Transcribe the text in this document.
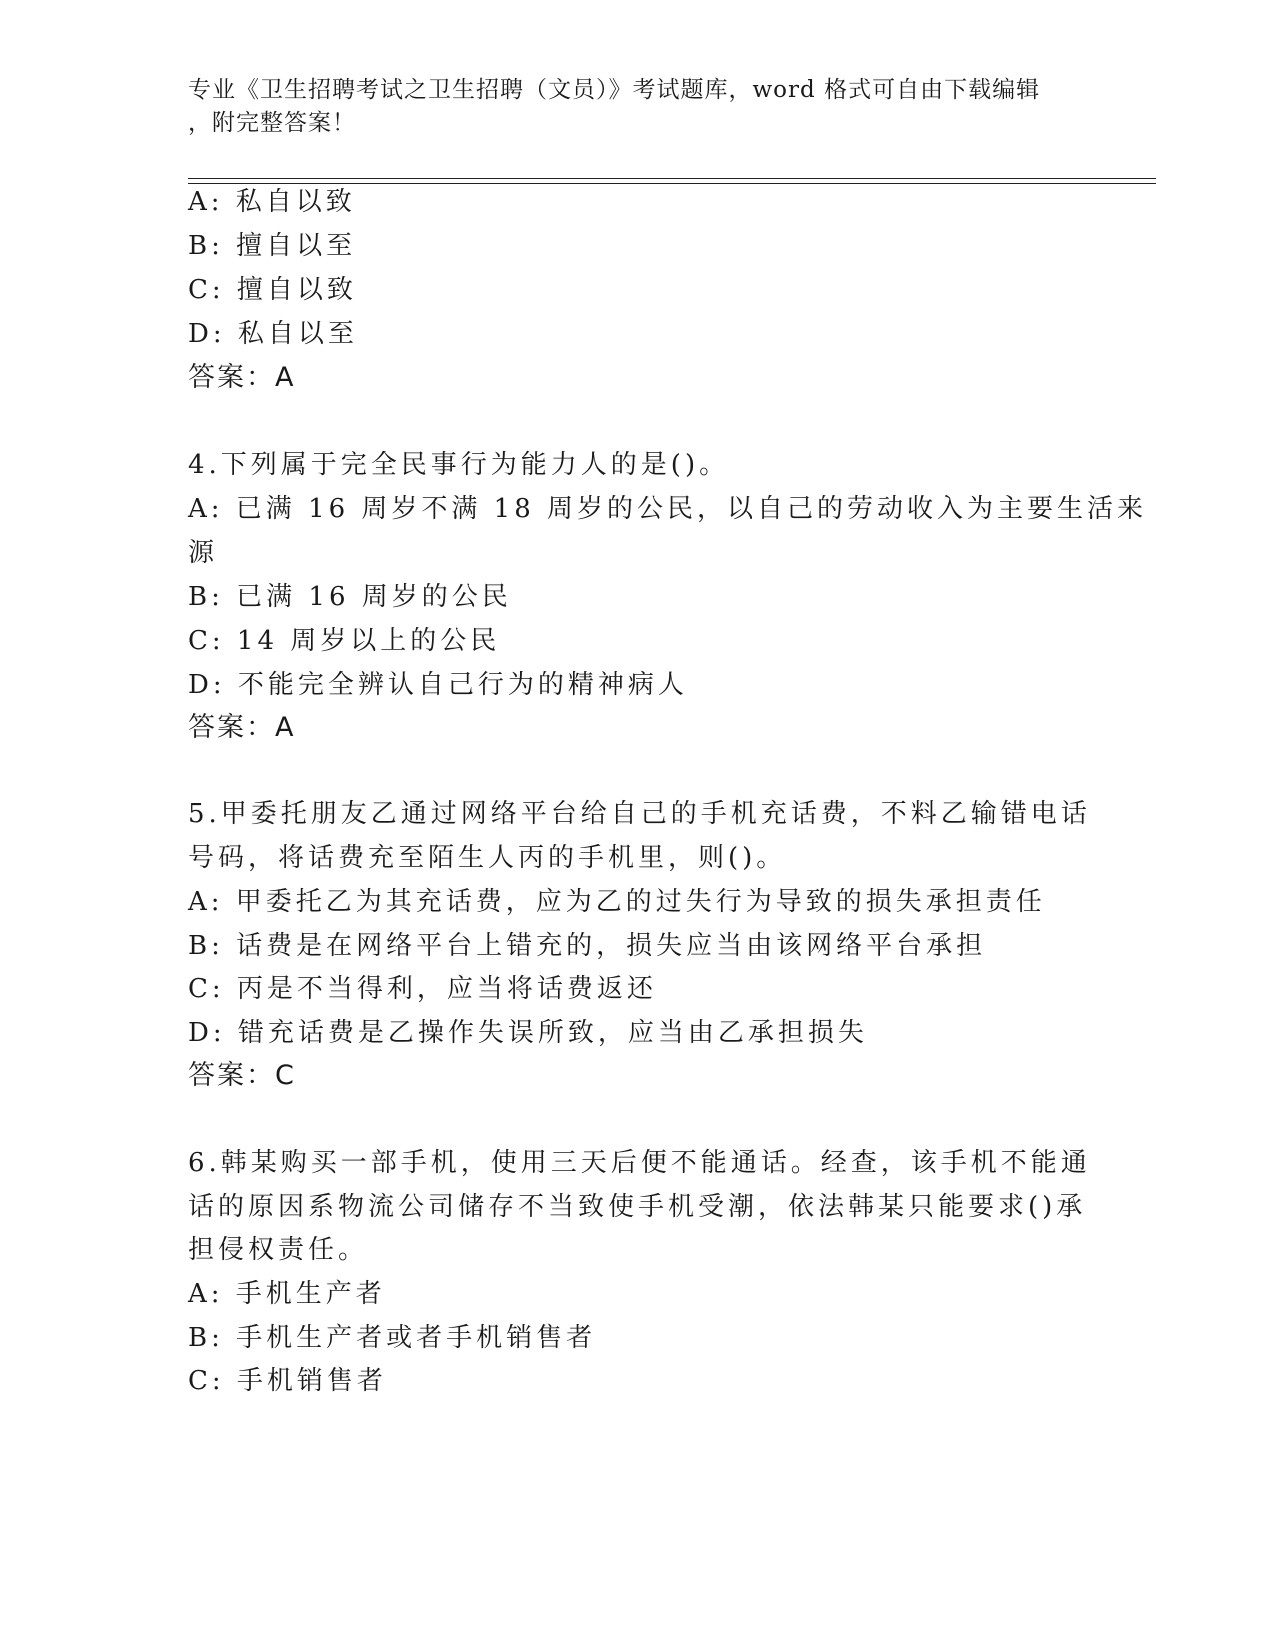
专业《卫生招聘考试之卫生招聘（文员）》考试题库，word 格式可自由下载编辑
，附完整答案！
A: 私自以致
B: 擅自以至
C: 擅自以致
D: 私自以至
答案：A
4.下列属于完全民事行为能力人的是()。
A: 已满 16 周岁不满 18 周岁的公民，以自己的劳动收入为主要生活来
源
B: 已满 16 周岁的公民
C: 14 周岁以上的公民
D: 不能完全辨认自己行为的精神病人
答案：A
5.甲委托朋友乙通过网络平台给自己的手机充话费，不料乙输错电话
号码，将话费充至陌生人丙的手机里，则()。
A: 甲委托乙为其充话费，应为乙的过失行为导致的损失承担责任
B: 话费是在网络平台上错充的，损失应当由该网络平台承担
C: 丙是不当得利，应当将话费返还
D: 错充话费是乙操作失误所致，应当由乙承担损失
答案：C
6.韩某购买一部手机，使用三天后便不能通话。经查，该手机不能通
话的原因系物流公司储存不当致使手机受潮，依法韩某只能要求()承
担侵权责任。
A: 手机生产者
B: 手机生产者或者手机销售者
C: 手机销售者
